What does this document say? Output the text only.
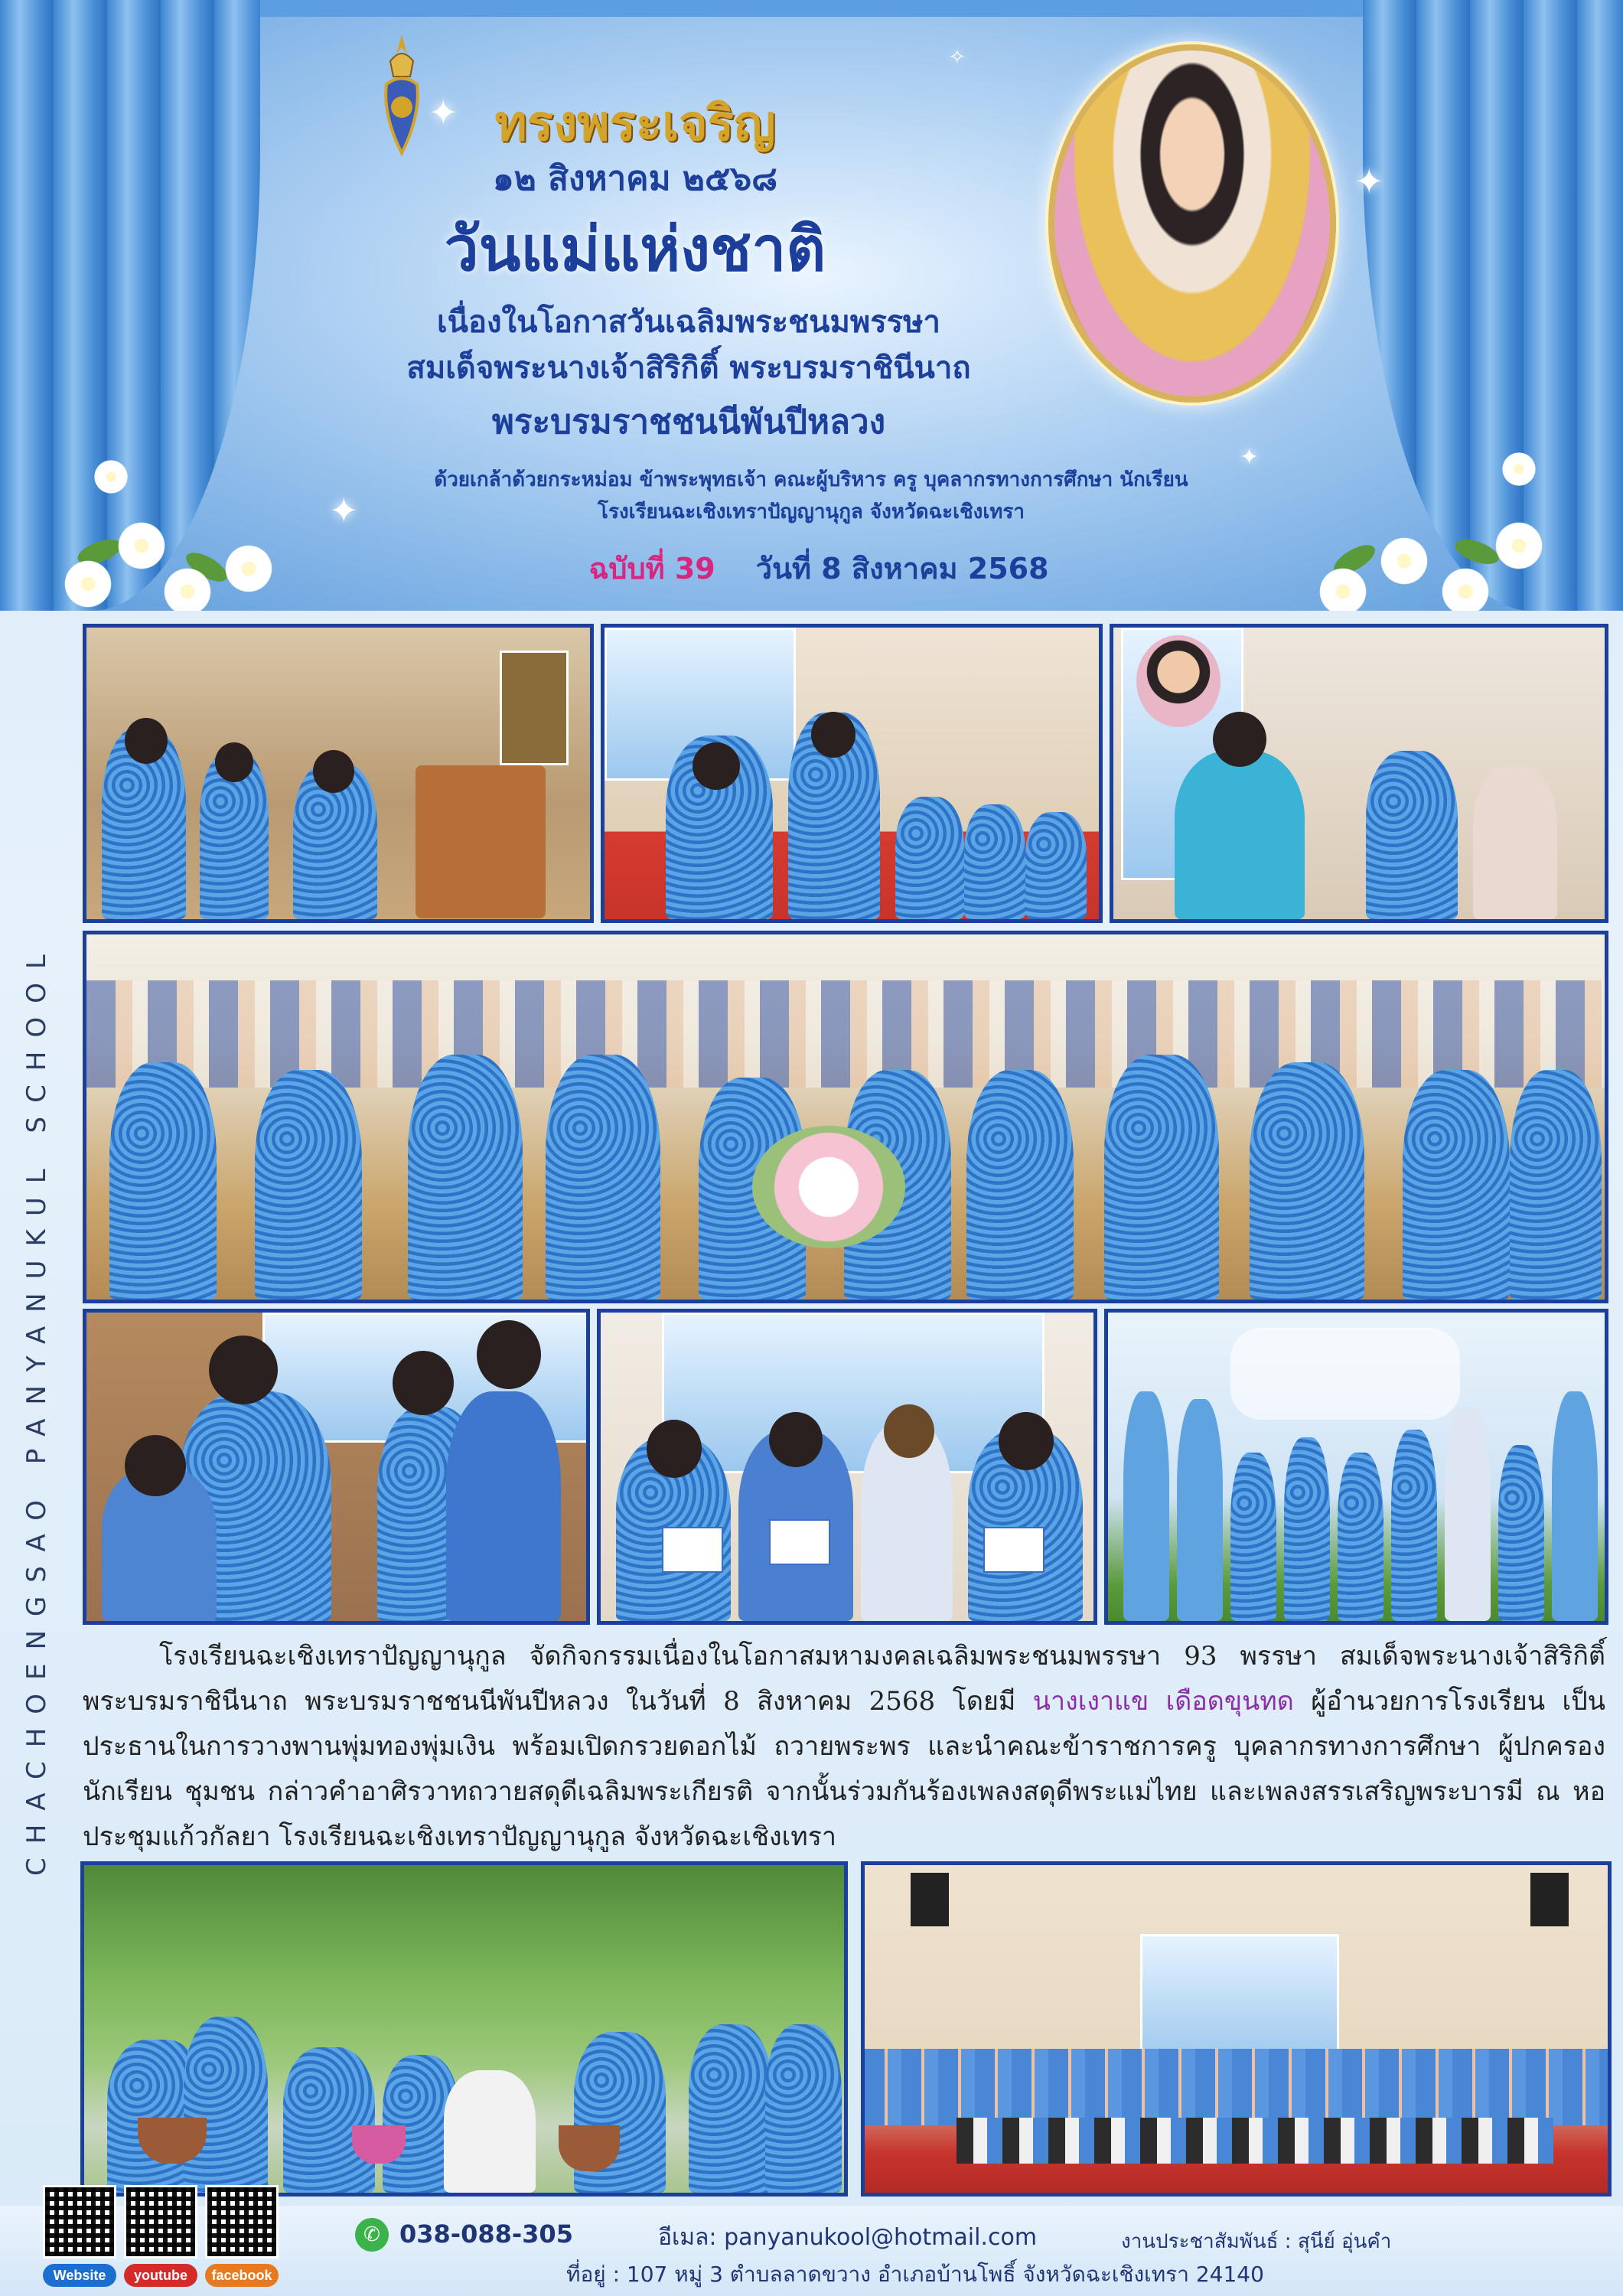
✦
✦
✦
✦
✧
ทรงพระเจริญ
๑๒ สิงหาคม ๒๕๖๘
วันแม่แห่งชาติ
เนื่องในโอกาสวันเฉลิมพระชนมพรรษา
สมเด็จพระนางเจ้าสิริกิติ์ พระบรมราชินีนาถ
พระบรมราชชนนีพันปีหลวง
ด้วยเกล้าด้วยกระหม่อม ข้าพระพุทธเจ้า คณะผู้บริหาร ครู บุคลากรทางการศึกษา นักเรียน
โรงเรียนฉะเชิงเทราปัญญานุกูล จังหวัดฉะเชิงเทรา
ฉบับที่ 39 วันที่ 8 สิงหาคม 2568
CHACHOENGSAO PANYANUKUL SCHOOL	โรงเรียนฉะเชิงเทราปัญญานุกูล จัดกิจกรรมเนื่องในโอกาสมหามงคลเฉลิมพระชนมพรรษา 93 พรรษา สมเด็จพระนางเจ้าสิริกิติ์ พระบรมราชินีนาถ พระบรมราชชนนีพันปีหลวง ในวันที่ 8 สิงหาคม 2568 โดยมี นางเงาแข เดือดขุนทด ผู้อำนวยการโรงเรียน เป็นประธานในการวางพานพุ่มทองพุ่มเงิน พร้อมเปิดกรวยดอกไม้ ถวายพระพร และนำคณะข้าราชการครู บุคลากรทางการศึกษา ผู้ปกครอง นักเรียน ชุมชน กล่าวคำอาศิรวาทถวายสดุดีเฉลิมพระเกียรติ จากนั้นร่วมกันร้องเพลงสดุดีพระแม่ไทย และเพลงสรรเสริญพระบารมี ณ หอประชุมแก้วกัลยา โรงเรียนฉะเชิงเทราปัญญานุกูล จังหวัดฉะเชิงเทรา
Website	youtube	facebook
✆ 038-088-305	อีเมล: panyanukool@hotmail.com	งานประชาสัมพันธ์ : สุนีย์ อุ่นคำ
ที่อยู่ : 107 หมู่ 3 ตำบลลาดขวาง อำเภอบ้านโพธิ์ จังหวัดฉะเชิงเทรา 24140
